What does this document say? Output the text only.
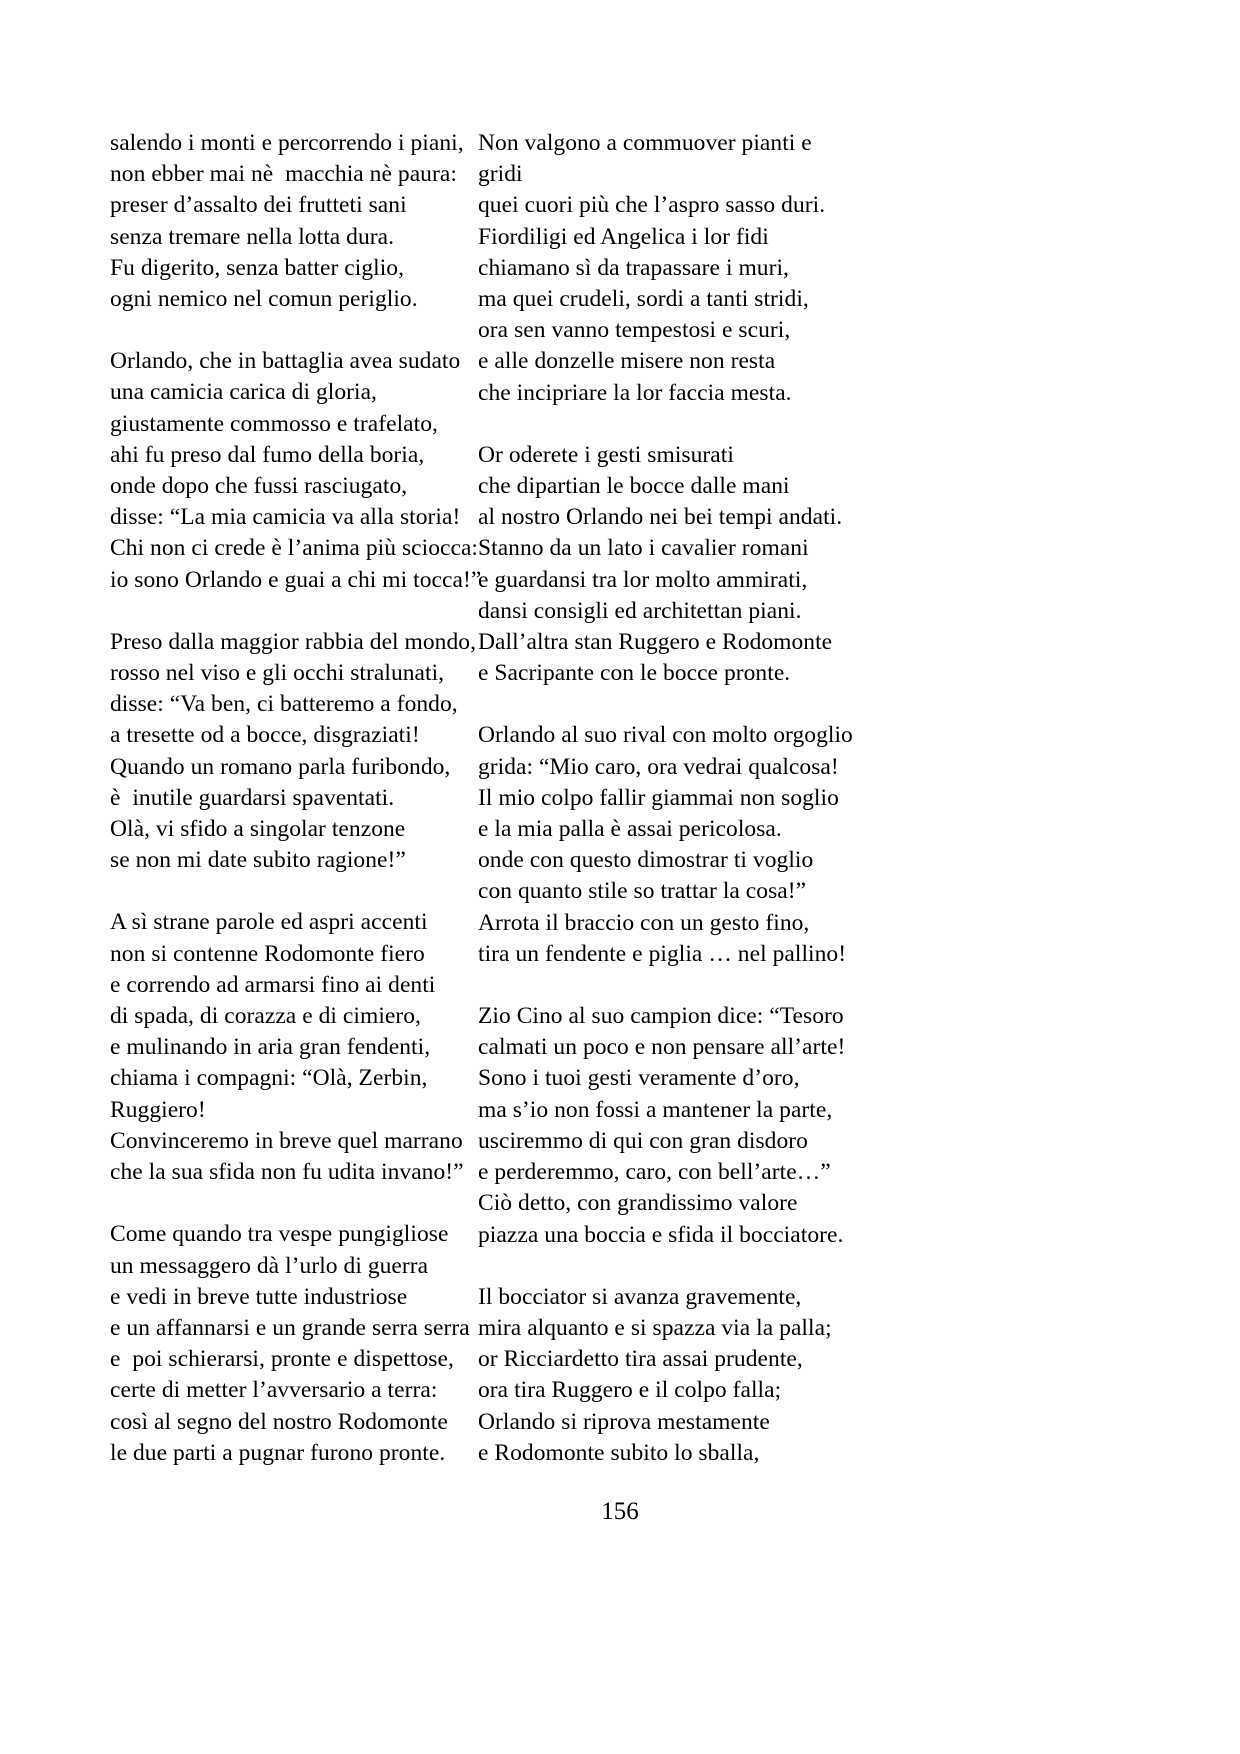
salendo i monti e percorrendo i piani,
non ebber mai nè  macchia nè paura:
preser d’assalto dei frutteti sani
senza tremare nella lotta dura.
Fu digerito, senza batter ciglio,
ogni nemico nel comun periglio.
Orlando, che in battaglia avea sudato
una camicia carica di gloria,
giustamente commosso e trafelato,
ahi fu preso dal fumo della boria,
onde dopo che fussi rasciugato,
disse: “La mia camicia va alla storia!
Chi non ci crede è l’anima più sciocca:
io sono Orlando e guai a chi mi tocca!”
Preso dalla maggior rabbia del mondo,
rosso nel viso e gli occhi stralunati,
disse: “Va ben, ci batteremo a fondo,
a tresette od a bocce, disgraziati!
Quando un romano parla furibondo,
è  inutile guardarsi spaventati.
Olà, vi sfido a singolar tenzone
se non mi date subito ragione!”
A sì strane parole ed aspri accenti
non si contenne Rodomonte fiero
e correndo ad armarsi fino ai denti
di spada, di corazza e di cimiero,
e mulinando in aria gran fendenti,
chiama i compagni: “Olà, Zerbin,
Ruggiero!
Convinceremo in breve quel marrano
che la sua sfida non fu udita invano!”
Come quando tra vespe pungigliose
un messaggero dà l’urlo di guerra
e vedi in breve tutte industriose
e un affannarsi e un grande serra serra
e  poi schierarsi, pronte e dispettose,
certe di metter l’avversario a terra:
così al segno del nostro Rodomonte
le due parti a pugnar furono pronte.
Non valgono a commuover pianti e
gridi
quei cuori più che l’aspro sasso duri.
Fiordiligi ed Angelica i lor fidi
chiamano sì da trapassare i muri,
ma quei crudeli, sordi a tanti stridi,
ora sen vanno tempestosi e scuri,
e alle donzelle misere non resta
che incipriare la lor faccia mesta.
Or oderete i gesti smisurati
che dipartian le bocce dalle mani
al nostro Orlando nei bei tempi andati.
Stanno da un lato i cavalier romani
e guardansi tra lor molto ammirati,
dansi consigli ed architettan piani.
Dall’altra stan Ruggero e Rodomonte
e Sacripante con le bocce pronte.
Orlando al suo rival con molto orgoglio
grida: “Mio caro, ora vedrai qualcosa!
Il mio colpo fallir giammai non soglio
e la mia palla è assai pericolosa.
onde con questo dimostrar ti voglio
con quanto stile so trattar la cosa!”
Arrota il braccio con un gesto fino,
tira un fendente e piglia … nel pallino!
Zio Cino al suo campion dice: “Tesoro
calmati un poco e non pensare all’arte!
Sono i tuoi gesti veramente d’oro,
ma s’io non fossi a mantener la parte,
usciremmo di qui con gran disdoro
e perderemmo, caro, con bell’arte…”
Ciò detto, con grandissimo valore
piazza una boccia e sfida il bocciatore.
Il bocciator si avanza gravemente,
mira alquanto e si spazza via la palla;
or Ricciardetto tira assai prudente,
ora tira Ruggero e il colpo falla;
Orlando si riprova mestamente
e Rodomonte subito lo sballa,
156
